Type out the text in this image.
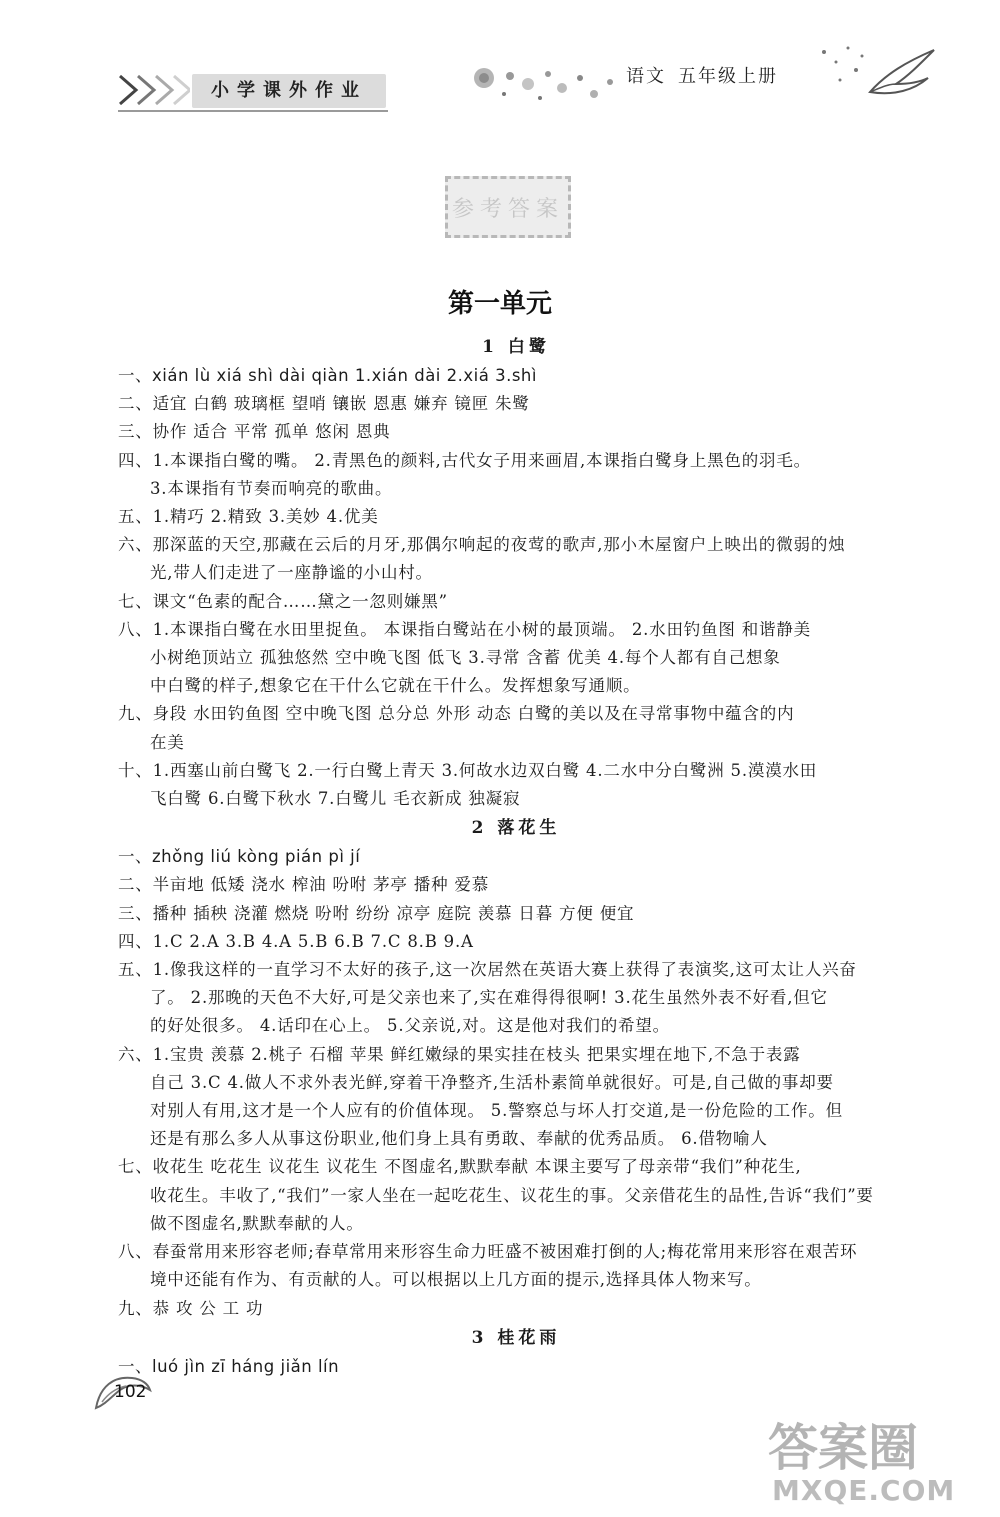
小学课外作业
语文 五年级上册
参考答案
第一单元

1 白鹭

一、xián lù xiá shì dài qiàn 1.xián dài 2.xiá 3.shì

二、适宜 白鹤 玻璃框 望哨 镶嵌 恩惠 嫌弃 镜匣 朱鹭

三、协作 适合 平常 孤单 悠闲 恩典

四、1.本课指白鹭的嘴。 2.青黑色的颜料,古代女子用来画眉,本课指白鹭身上黑色的羽毛。

3.本课指有节奏而响亮的歌曲。

五、1.精巧 2.精致 3.美妙 4.优美

六、那深蓝的天空,那藏在云后的月牙,那偶尔响起的夜莺的歌声,那小木屋窗户上映出的微弱的烛

光,带人们走进了一座静谧的小山村。

七、课文“色素的配合……黛之一忽则嫌黑”

八、1.本课指白鹭在水田里捉鱼。 本课指白鹭站在小树的最顶端。 2.水田钓鱼图 和谐静美

小树绝顶站立 孤独悠然 空中晚飞图 低飞 3.寻常 含蓄 优美 4.每个人都有自己想象

中白鹭的样子,想象它在干什么它就在干什么。发挥想象写通顺。

九、身段 水田钓鱼图 空中晚飞图 总分总 外形 动态 白鹭的美以及在寻常事物中蕴含的内

在美

十、1.西塞山前白鹭飞 2.一行白鹭上青天 3.何故水边双白鹭 4.二水中分白鹭洲 5.漠漠水田

飞白鹭 6.白鹭下秋水 7.白鹭儿 毛衣新成 独凝寂

2 落花生

一、zhǒng liú kòng pián pì jí

二、半亩地 低矮 浇水 榨油 吩咐 茅亭 播种 爱慕

三、播种 插秧 浇灌 燃烧 吩咐 纷纷 凉亭 庭院 羡慕 日暮 方便 便宜

四、1.C 2.A 3.B 4.A 5.B 6.B 7.C 8.B 9.A

五、1.像我这样的一直学习不太好的孩子,这一次居然在英语大赛上获得了表演奖,这可太让人兴奋

了。 2.那晚的天色不大好,可是父亲也来了,实在难得得很啊! 3.花生虽然外表不好看,但它

的好处很多。 4.话印在心上。 5.父亲说,对。这是他对我们的希望。

六、1.宝贵 羡慕 2.桃子 石榴 苹果 鲜红嫩绿的果实挂在枝头 把果实埋在地下,不急于表露

自己 3.C 4.做人不求外表光鲜,穿着干净整齐,生活朴素简单就很好。可是,自己做的事却要

对别人有用,这才是一个人应有的价值体现。 5.警察总与坏人打交道,是一份危险的工作。但

还是有那么多人从事这份职业,他们身上具有勇敢、奉献的优秀品质。 6.借物喻人

七、收花生 吃花生 议花生 议花生 不图虚名,默默奉献 本课主要写了母亲带“我们”种花生,

收花生。丰收了,“我们”一家人坐在一起吃花生、议花生的事。父亲借花生的品性,告诉“我们”要

做不图虚名,默默奉献的人。

八、春蚕常用来形容老师;春草常用来形容生命力旺盛不被困难打倒的人;梅花常用来形容在艰苦环

境中还能有作为、有贡献的人。可以根据以上几方面的提示,选择具体人物来写。

九、恭 攻 公 工 功

3 桂花雨

一、luó jìn zī háng jiǎn lín

102
答案圈
MXQE.COM
